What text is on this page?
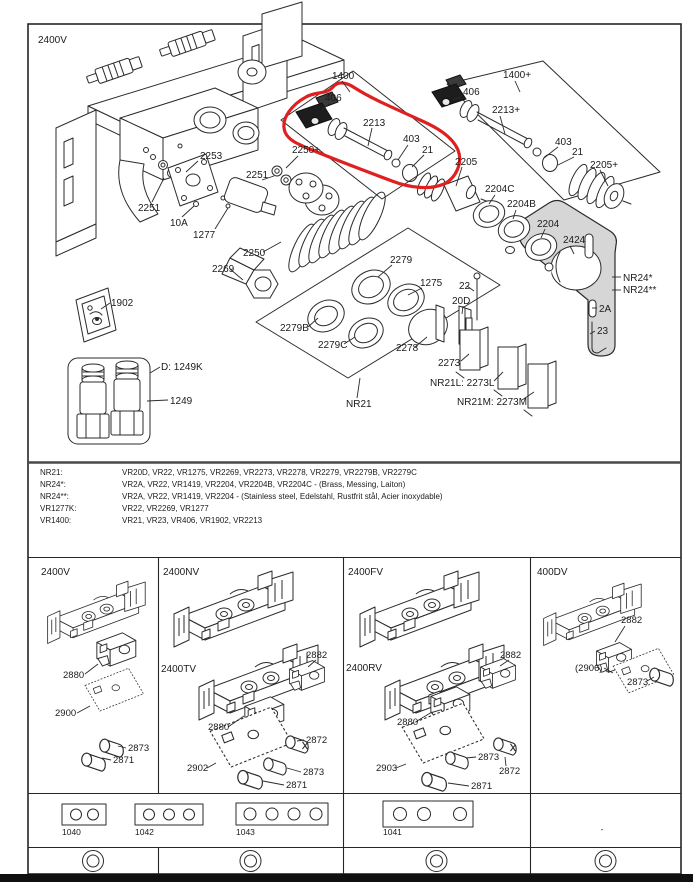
2400V
2253
2251
2251
10A
1277
1400
406
2213
403
21
2250+
2205
1400+
406
2213+
403
21
2205+
2204C
2204B
2204
2424
NR24*
NR24**
2A
23
2250
2269
2279
1275 22
20D
2279B
2279C	2278
2273
NR21L: 2273L
NR21	NR21M: 2273M
1902
D: 1249K
1249
NR21:	VR20D, VR22, VR1275, VR2269, VR2273, VR2278, VR2279, VR2279B, VR2279C
NR24*:	VR2A, VR22, VR1419, VR2204, VR2204B, VR2204C - (Brass, Messing, Laiton)
NR24**:	VR2A, VR22, VR1419, VR2204 - (Stainless steel, Edelstahl, Rustfrit stål, Acier inoxydable)
VR1277K:	VR22, VR2269, VR1277
VR1400:	VR21, VR23, VR406, VR1902, VR2213
2400V
2880
2900
2873
2871
2400NV
2400TV
2882
2880
2902
2872
2873
2871
2400FV
2400RV
2882
2880
2903
2873
2872
2871
400DV
2882
(2906)
2873
1040	1042	1043	1041	-
